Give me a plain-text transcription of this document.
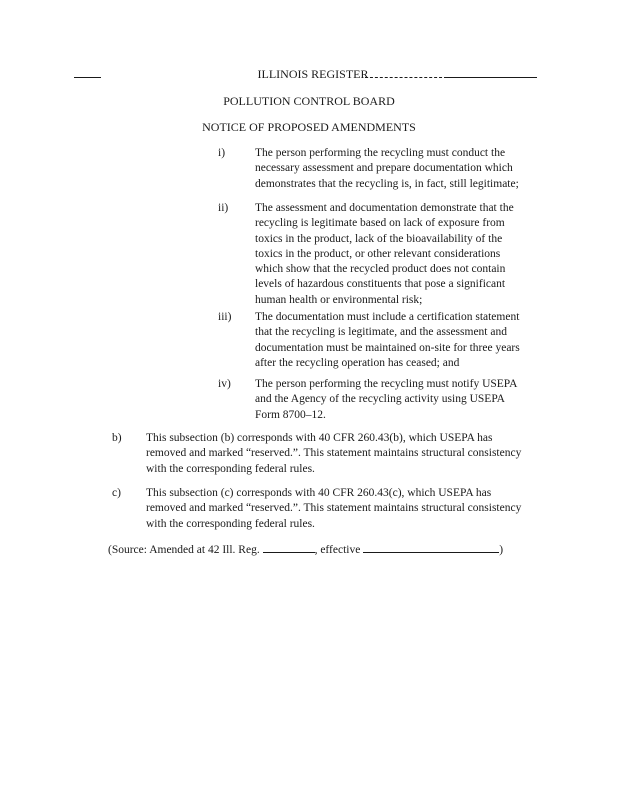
ILLINOIS REGISTER
POLLUTION CONTROL BOARD
NOTICE OF PROPOSED AMENDMENTS
i)	The person performing the recycling must conduct the
necessary assessment and prepare documentation which
demonstrates that the recycling is, in fact, still legitimate;
ii) The assessment and documentation demonstrate that the
recycling is legitimate based on lack of exposure from
toxics in the product, lack of the bioavailability of the
toxics in the product, or other relevant considerations
which show that the recycled product does not contain
levels of hazardous constituents that pose a significant
human health or environmental risk;
iii) The documentation must include a certification statement
that the recycling is legitimate, and the assessment and
documentation must be maintained on-site for three years
after the recycling operation has ceased; and
iv) The person performing the recycling must notify USEPA
and the Agency of the recycling activity using USEPA
Form 8700–12.
b) This subsection (b) corresponds with 40 CFR 260.43(b), which USEPA has
removed and marked “reserved.”. This statement maintains structural consistency
with the corresponding federal rules.
c) This subsection (c) corresponds with 40 CFR 260.43(c), which USEPA has
removed and marked “reserved.”. This statement maintains structural consistency
with the corresponding federal rules.
(Source: Amended at 42 Ill. Reg.	, effective	)
